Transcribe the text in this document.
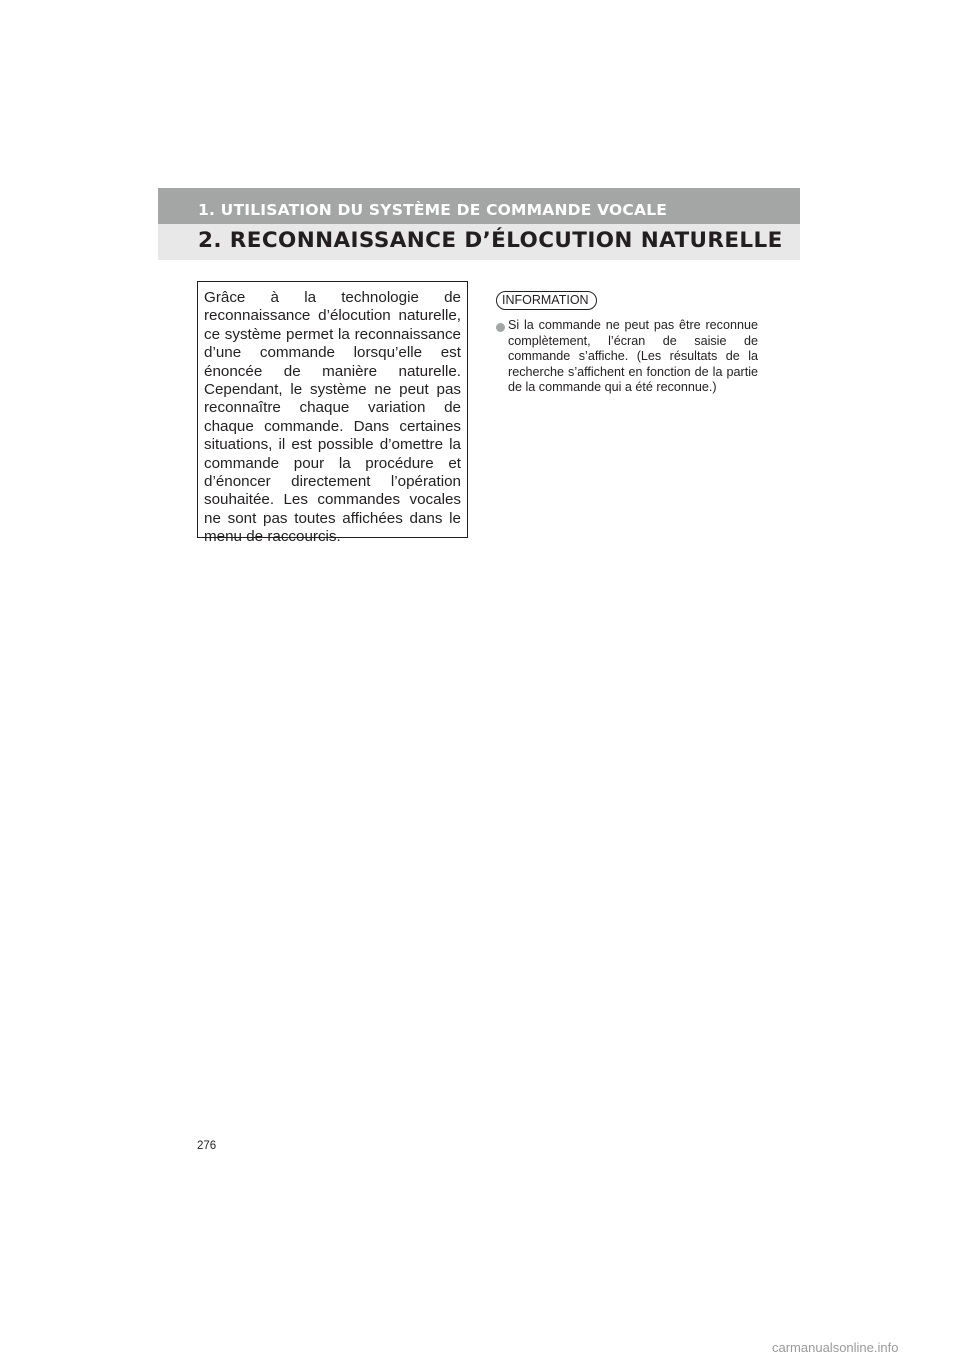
1. UTILISATION DU SYSTÈME DE COMMANDE VOCALE
2. RECONNAISSANCE D’ÉLOCUTION NATURELLE

Grâce à la technologie de reconnaissance d’élocution naturelle, ce système permet la reconnaissance d’une commande lorsqu’elle est énoncée de manière naturelle. Cependant, le système ne peut pas reconnaître chaque variation de chaque commande. Dans certaines situations, il est possible d’omettre la commande pour la procédure et d’énoncer directement l’opération souhaitée. Les commandes vocales ne sont pas toutes affichées dans le menu de raccourcis.

INFORMATION

Si la commande ne peut pas être reconnue complètement, l’écran de saisie de commande s’affiche. (Les résultats de la recherche s’affichent en fonction de la partie de la commande qui a été reconnue.)

276
carmanualsonline.info
